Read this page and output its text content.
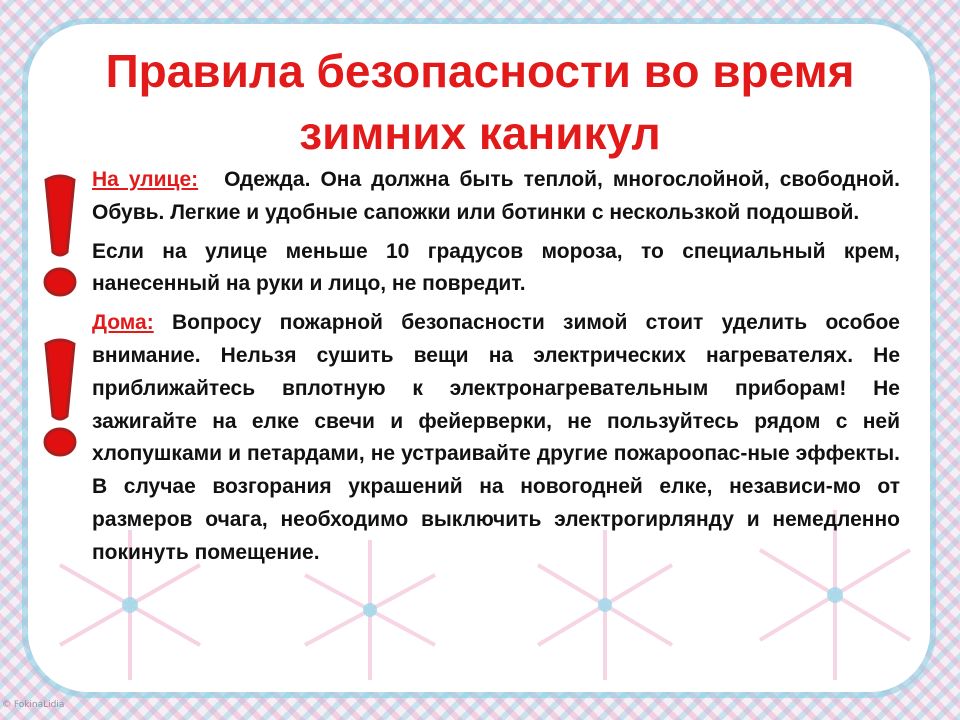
Правила безопасности во время
зимних каникул

На улице: Одежда. Она должна быть теплой, многослойной, свободной. Обувь. Легкие и удобные сапожки или ботинки с нескользкой подошвой.

Если на улице меньше 10 градусов мороза, то специальный крем, нанесенный на руки и лицо, не повредит.

Дома: Вопросу пожарной безопасности зимой стоит уделить особое внимание. Нельзя сушить вещи на электрических нагревателях. Не приближайтесь вплотную к электронагревательным приборам! Не зажигайте на елке свечи и фейерверки, не пользуйтесь рядом с ней хлопушками и петардами, не устраивайте другие пожароопас-ные эффекты. В случае возгорания украшений на новогодней елке, независи-мо от размеров очага, необходимо выключить электрогирлянду и немедленно покинуть помещение.

© FokinaLidia
